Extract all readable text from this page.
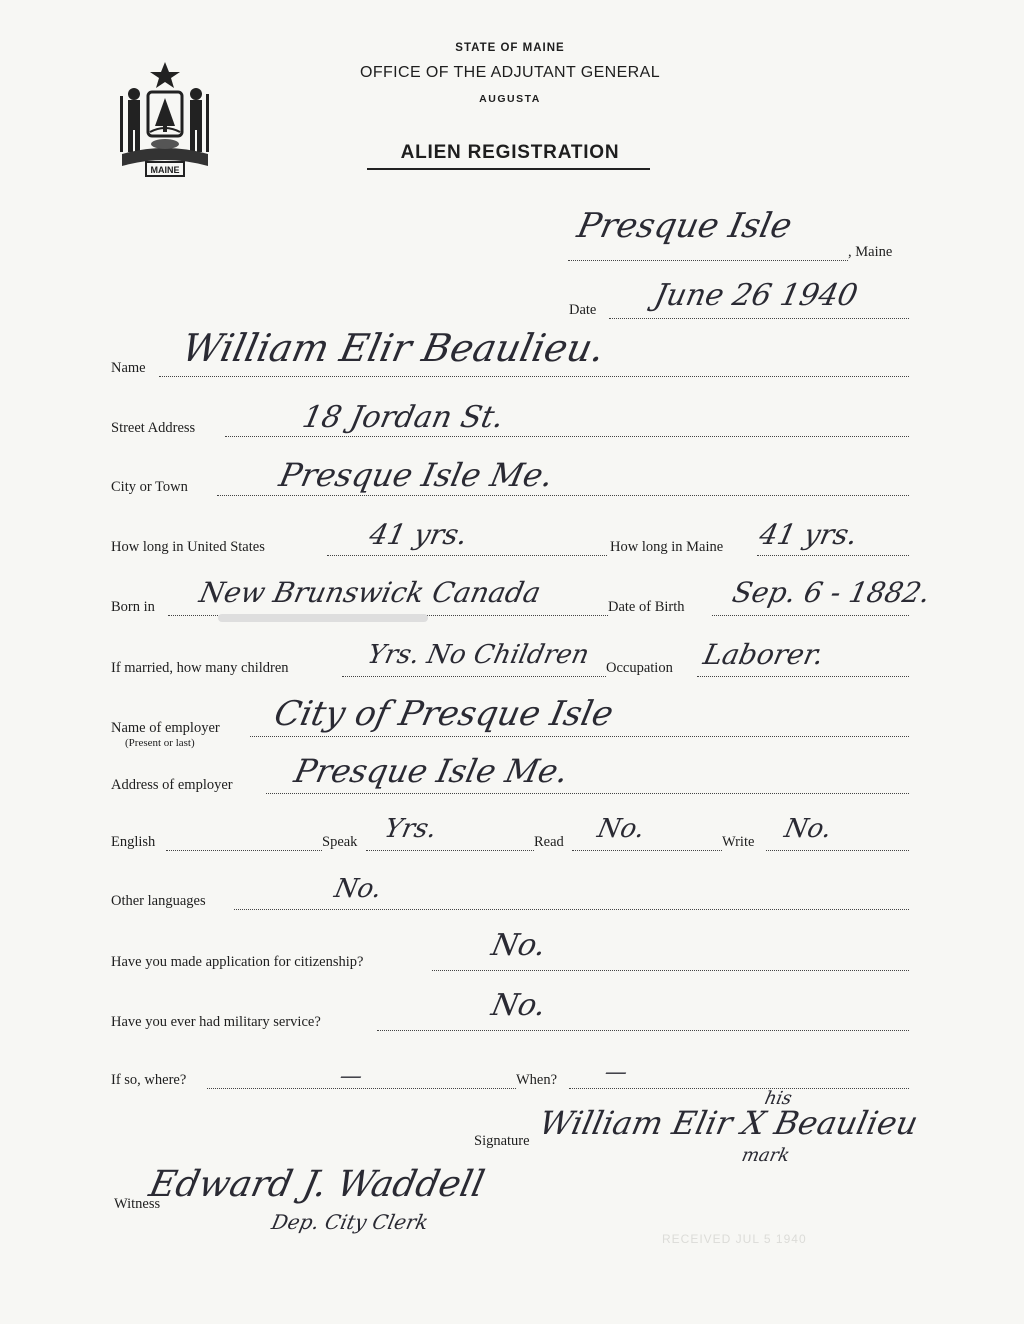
MAINE
STATE OF MAINE
OFFICE OF THE ADJUTANT GENERAL
AUGUSTA
ALIEN REGISTRATION
Presque Isle
, Maine
Date June 26 1940
Name William Elir Beaulieu.
Street Address	18 Jordan St.
City or Town	Presque Isle Me.
How long in United States	41 yrs.	How long in Maine 41 yrs.
Born in New Brunswick Canada	Date of Birth Sep. 6 - 1882.
If married, how many children	Yrs. No Children Occupation Laborer.
Name of employer
(Present or last)
City of Presque Isle
Address of employer Presque Isle Me.
English	Speak Yrs.	Read No.	Write No.
Other languages	No.
Have you made application for citizenship?	No.
Have you ever had military service?	No.
If so, where?	—	When? —
Signature William Elir X Beaulieu
his
mark
Witness
Edward J. Waddell
Dep. City Clerk
RECEIVED JUL 5 1940
